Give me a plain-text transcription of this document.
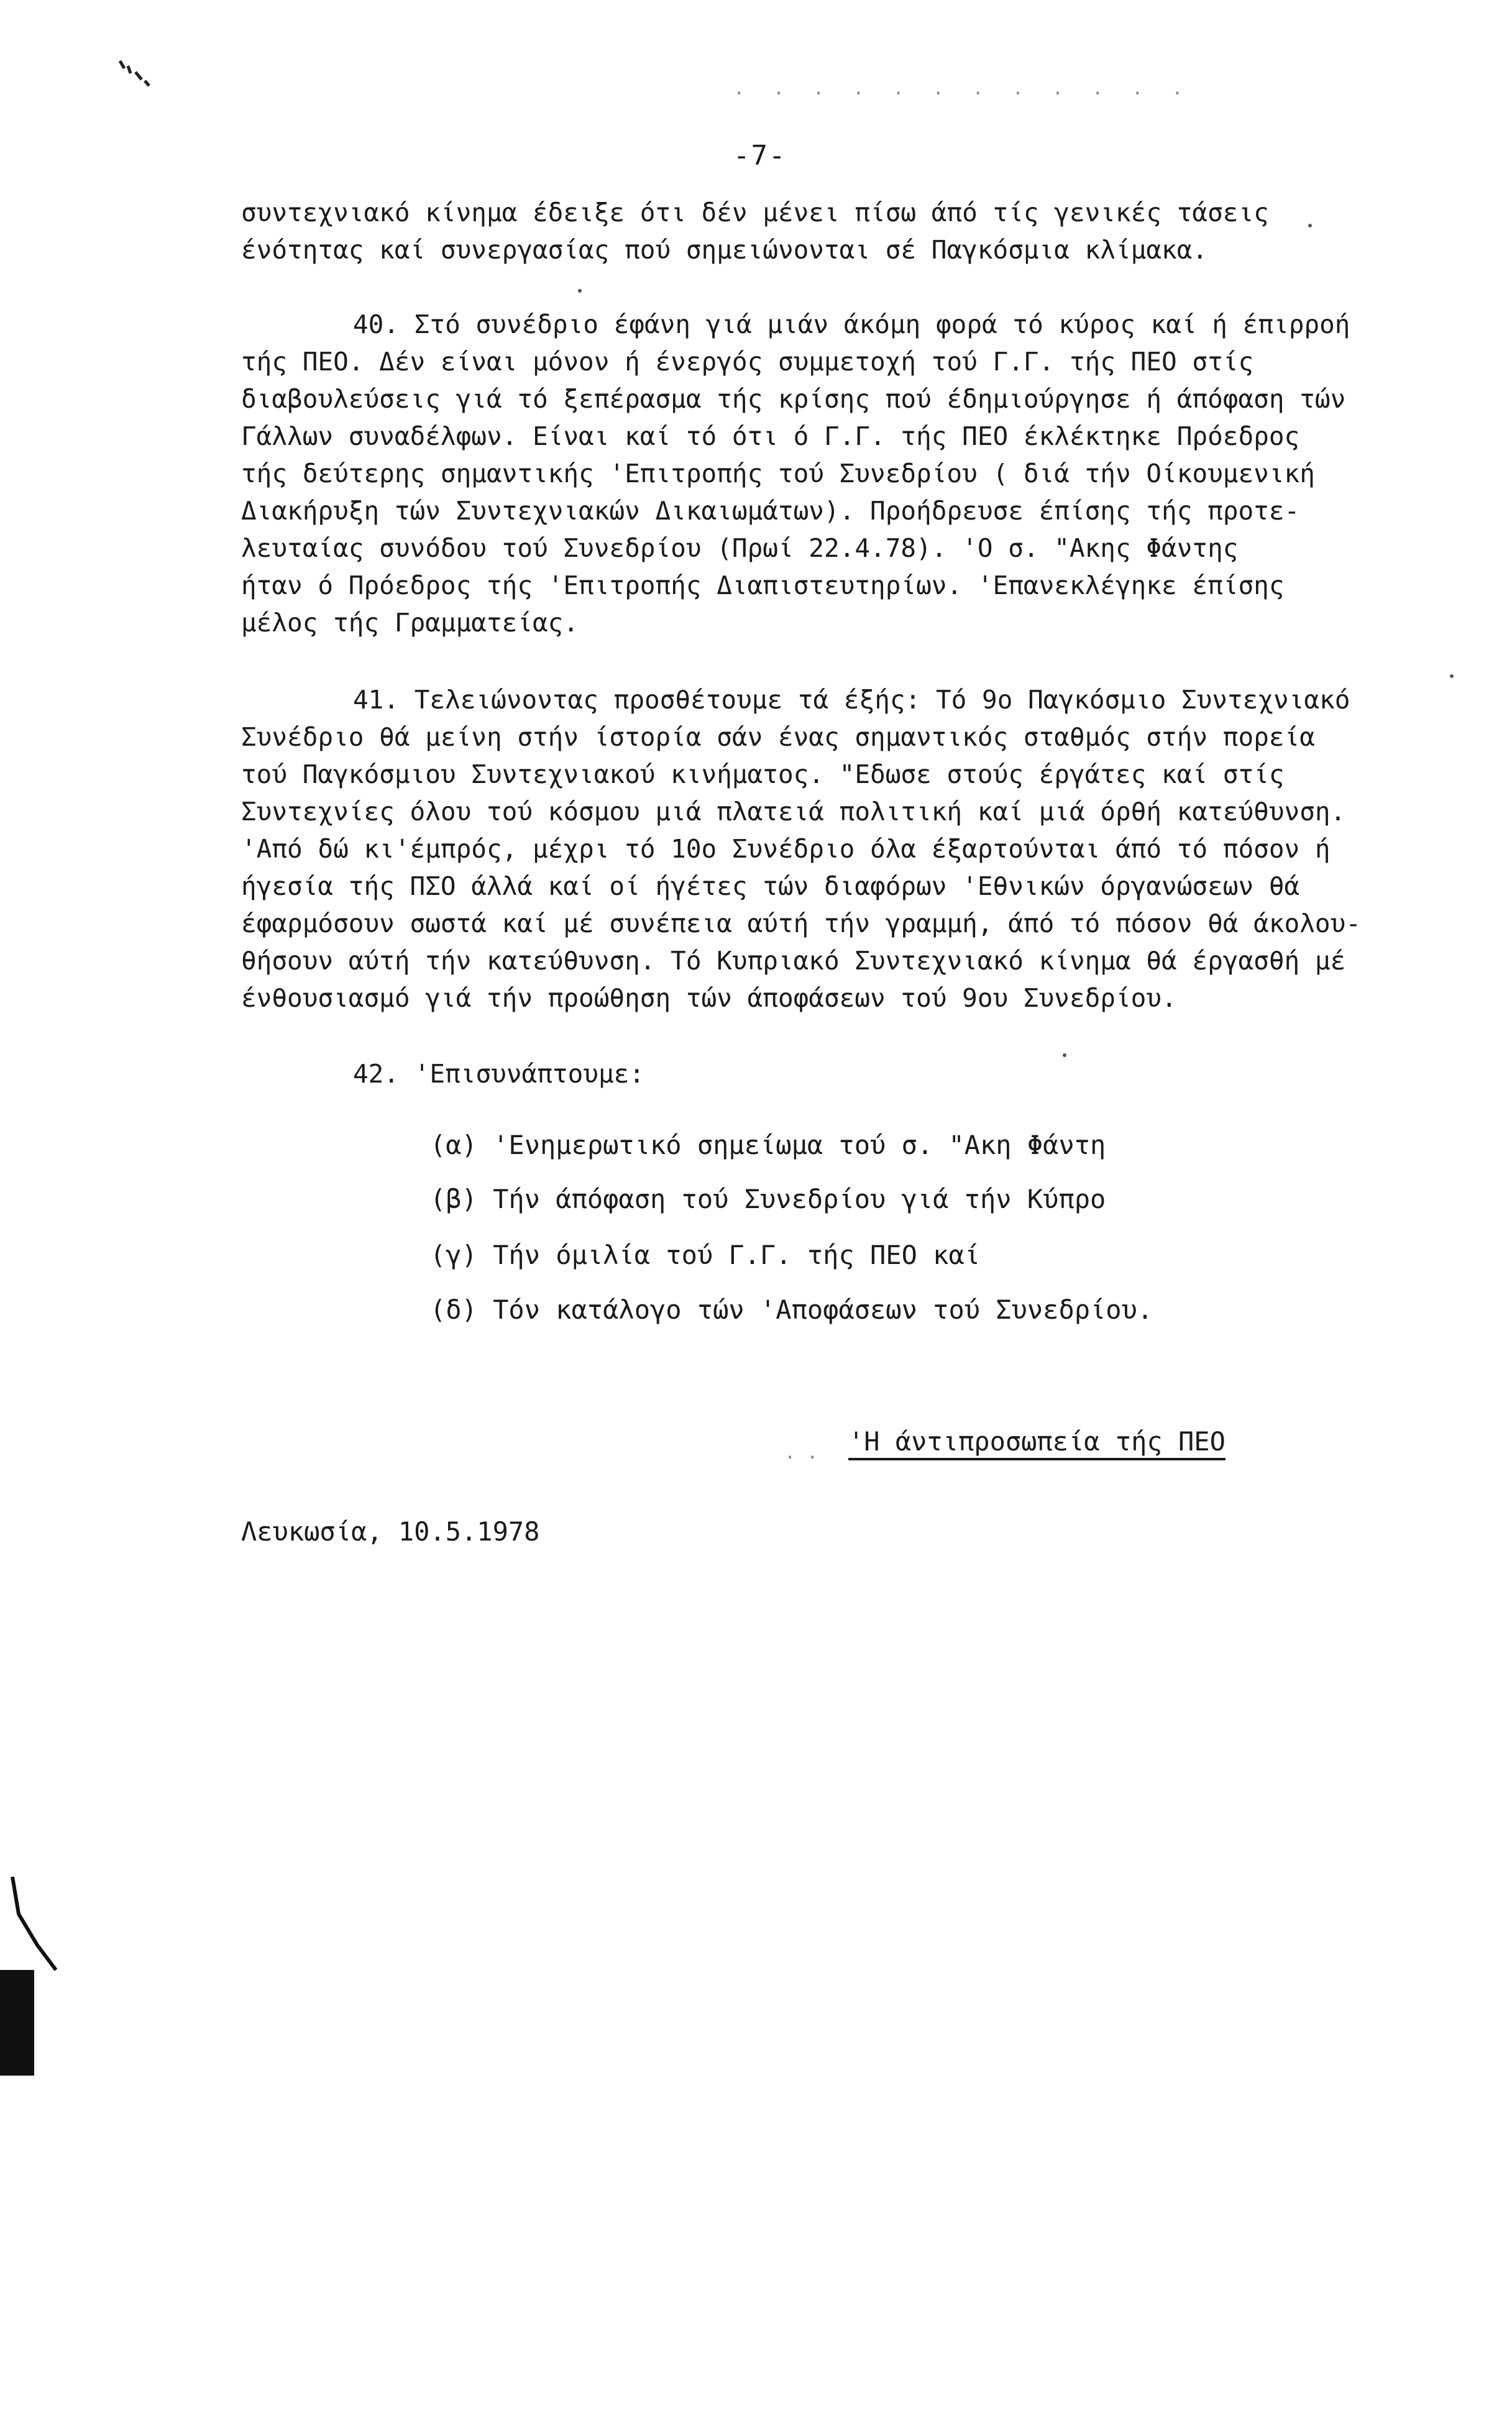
. . . . . . . . . . . .
-7-

συντεχνιακό κίνημα έδειξε ότι δέν μένει πίσω άπό τίς γενικές τάσεις

ένότητας καί συνεργασίας πού σημειώνονται σέ Παγκόσμια κλίμακα.

40. Στό συνέδριο έφάνη γιά μιάν άκόμη φορά τό κύρος καί ή έπιρροή

τής ΠΕΟ. Δέν είναι μόνον ή ένεργός συμμετοχή τού Γ.Γ. τής ΠΕΟ στίς

διαβουλεύσεις γιά τό ξεπέρασμα τής κρίσης πού έδημιούργησε ή άπόφαση τών

Γάλλων συναδέλφων. Είναι καί τό ότι ό Γ.Γ. τής ΠΕΟ έκλέκτηκε Πρόεδρος

τής δεύτερης σημαντικής 'Επιτροπής τού Συνεδρίου ( διά τήν Οίκουμενική

Διακήρυξη τών Συντεχνιακών Δικαιωμάτων). Προήδρευσε έπίσης τής προτε-

λευταίας συνόδου τού Συνεδρίου (Πρωί 22.4.78). 'Ο σ. "Ακης Φάντης

ήταν ό Πρόεδρος τής 'Επιτροπής Διαπιστευτηρίων. 'Επανεκλέγηκε έπίσης

μέλος τής Γραμματείας.

41. Τελειώνοντας προσθέτουμε τά έξής: Τό 9ο Παγκόσμιο Συντεχνιακό

Συνέδριο θά μείνη στήν ίστορία σάν ένας σημαντικός σταθμός στήν πορεία

τού Παγκόσμιου Συντεχνιακού κινήματος. "Εδωσε στούς έργάτες καί στίς

Συντεχνίες όλου τού κόσμου μιά πλατειά πολιτική καί μιά όρθή κατεύθυνση.

'Από δώ κι'έμπρός, μέχρι τό 10ο Συνέδριο όλα έξαρτούνται άπό τό πόσον ή

ήγεσία τής ΠΣΟ άλλά καί οί ήγέτες τών διαφόρων 'Εθνικών όργανώσεων θά

έφαρμόσουν σωστά καί μέ συνέπεια αύτή τήν γραμμή, άπό τό πόσον θά άκολου-

θήσουν αύτή τήν κατεύθυνση. Τό Κυπριακό Συντεχνιακό κίνημα θά έργασθή μέ

ένθουσιασμό γιά τήν προώθηση τών άποφάσεων τού 9ου Συνεδρίου.

42. 'Επισυνάπτουμε:

(α) 'Ενημερωτικό σημείωμα τού σ. "Ακη Φάντη
(β) Τήν άπόφαση τού Συνεδρίου γιά τήν Κύπρο
(γ) Τήν όμιλία τού Γ.Γ. τής ΠΕΟ καί
(δ) Τόν κατάλογο τών 'Αποφάσεων τού Συνεδρίου.
. . 'Η άντιπροσωπεία τής ΠΕΟ
Λευκωσία, 10.5.1978
